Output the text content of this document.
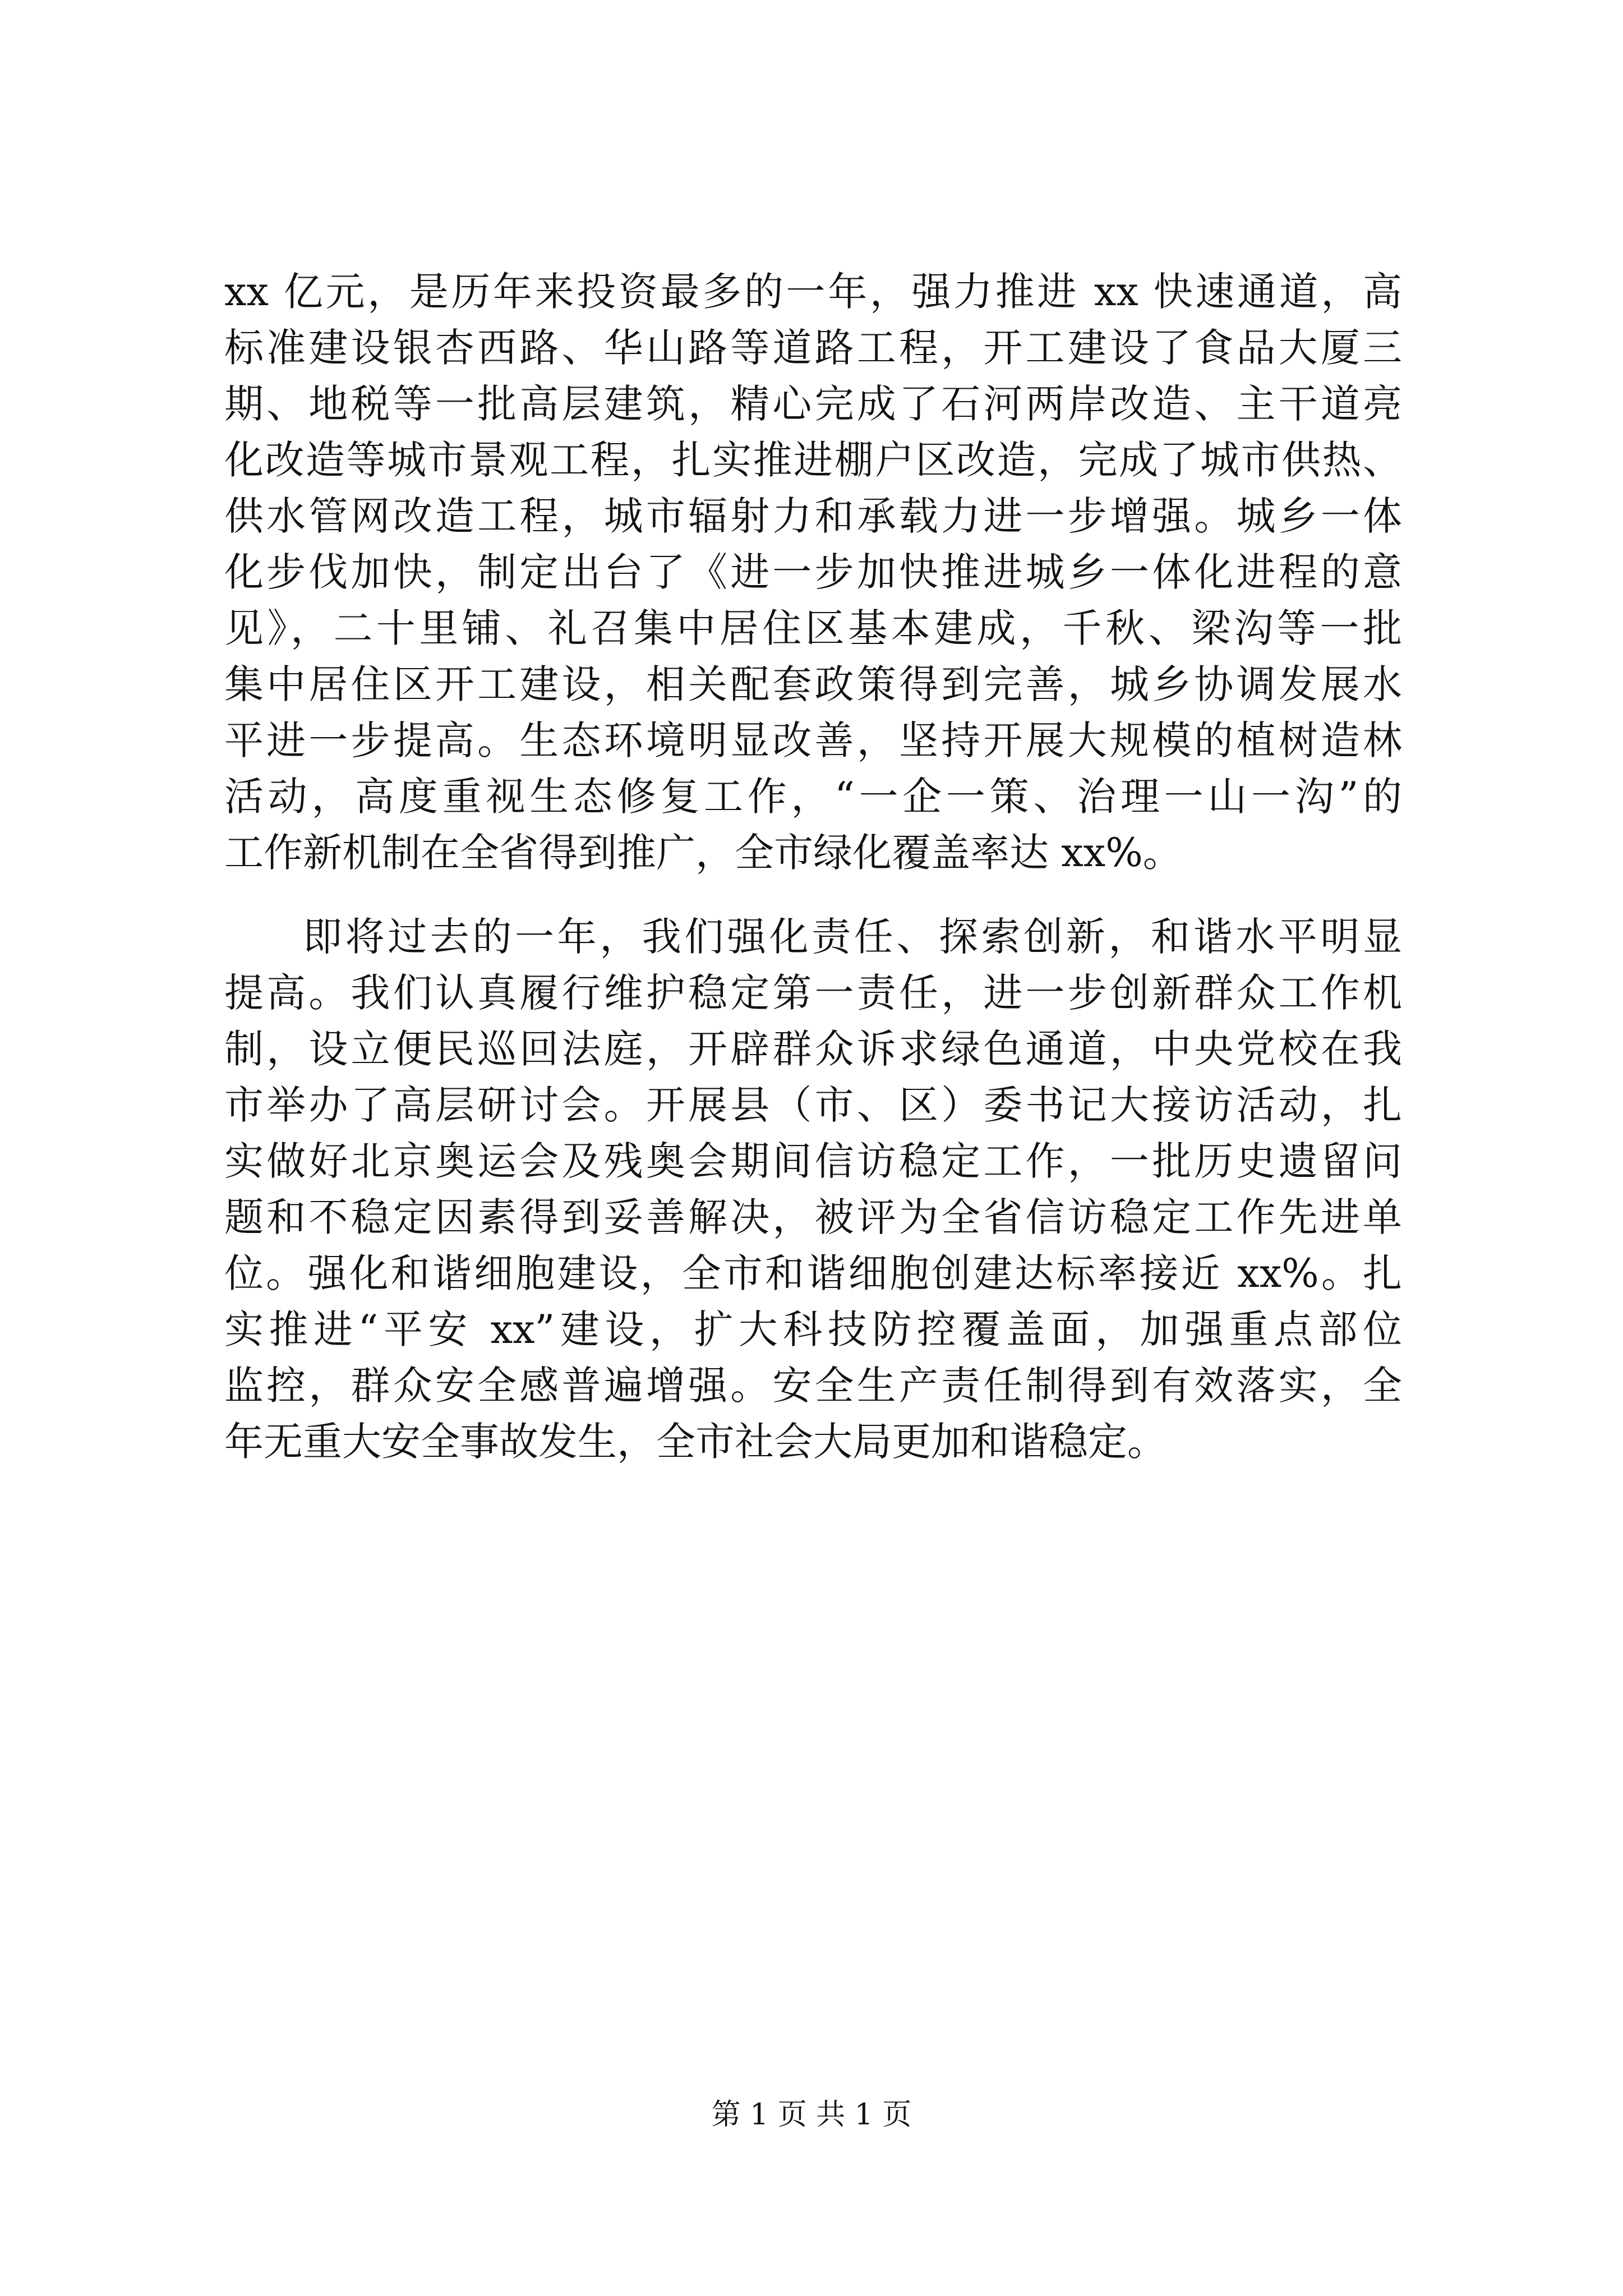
xx 亿元，是历年来投资最多的一年，强力推进 xx 快速通道，高
标准建设银杏西路、华山路等道路工程，开工建设了食品大厦三
期、地税等一批高层建筑，精心完成了石河两岸改造、主干道亮
化改造等城市景观工程，扎实推进棚户区改造，完成了城市供热、
供水管网改造工程，城市辐射力和承载力进一步增强。城乡一体
化步伐加快，制定出台了《进一步加快推进城乡一体化进程的意
见》，二十里铺、礼召集中居住区基本建成，千秋、梁沟等一批
集中居住区开工建设，相关配套政策得到完善，城乡协调发展水
平进一步提高。生态环境明显改善，坚持开展大规模的植树造林
活动，高度重视生态修复工作，“一企一策、治理一山一沟”的
工作新机制在全省得到推广，全市绿化覆盖率达 xx%。
即将过去的一年，我们强化责任、探索创新，和谐水平明显
提高。我们认真履行维护稳定第一责任，进一步创新群众工作机
制，设立便民巡回法庭，开辟群众诉求绿色通道，中央党校在我
市举办了高层研讨会。开展县（市、区）委书记大接访活动，扎
实做好北京奥运会及残奥会期间信访稳定工作，一批历史遗留问
题和不稳定因素得到妥善解决，被评为全省信访稳定工作先进单
位。强化和谐细胞建设，全市和谐细胞创建达标率接近 xx%。扎
实推进“平安 xx”建设，扩大科技防控覆盖面，加强重点部位
监控，群众安全感普遍增强。安全生产责任制得到有效落实，全
年无重大安全事故发生，全市社会大局更加和谐稳定。
第 1 页 共 1 页
